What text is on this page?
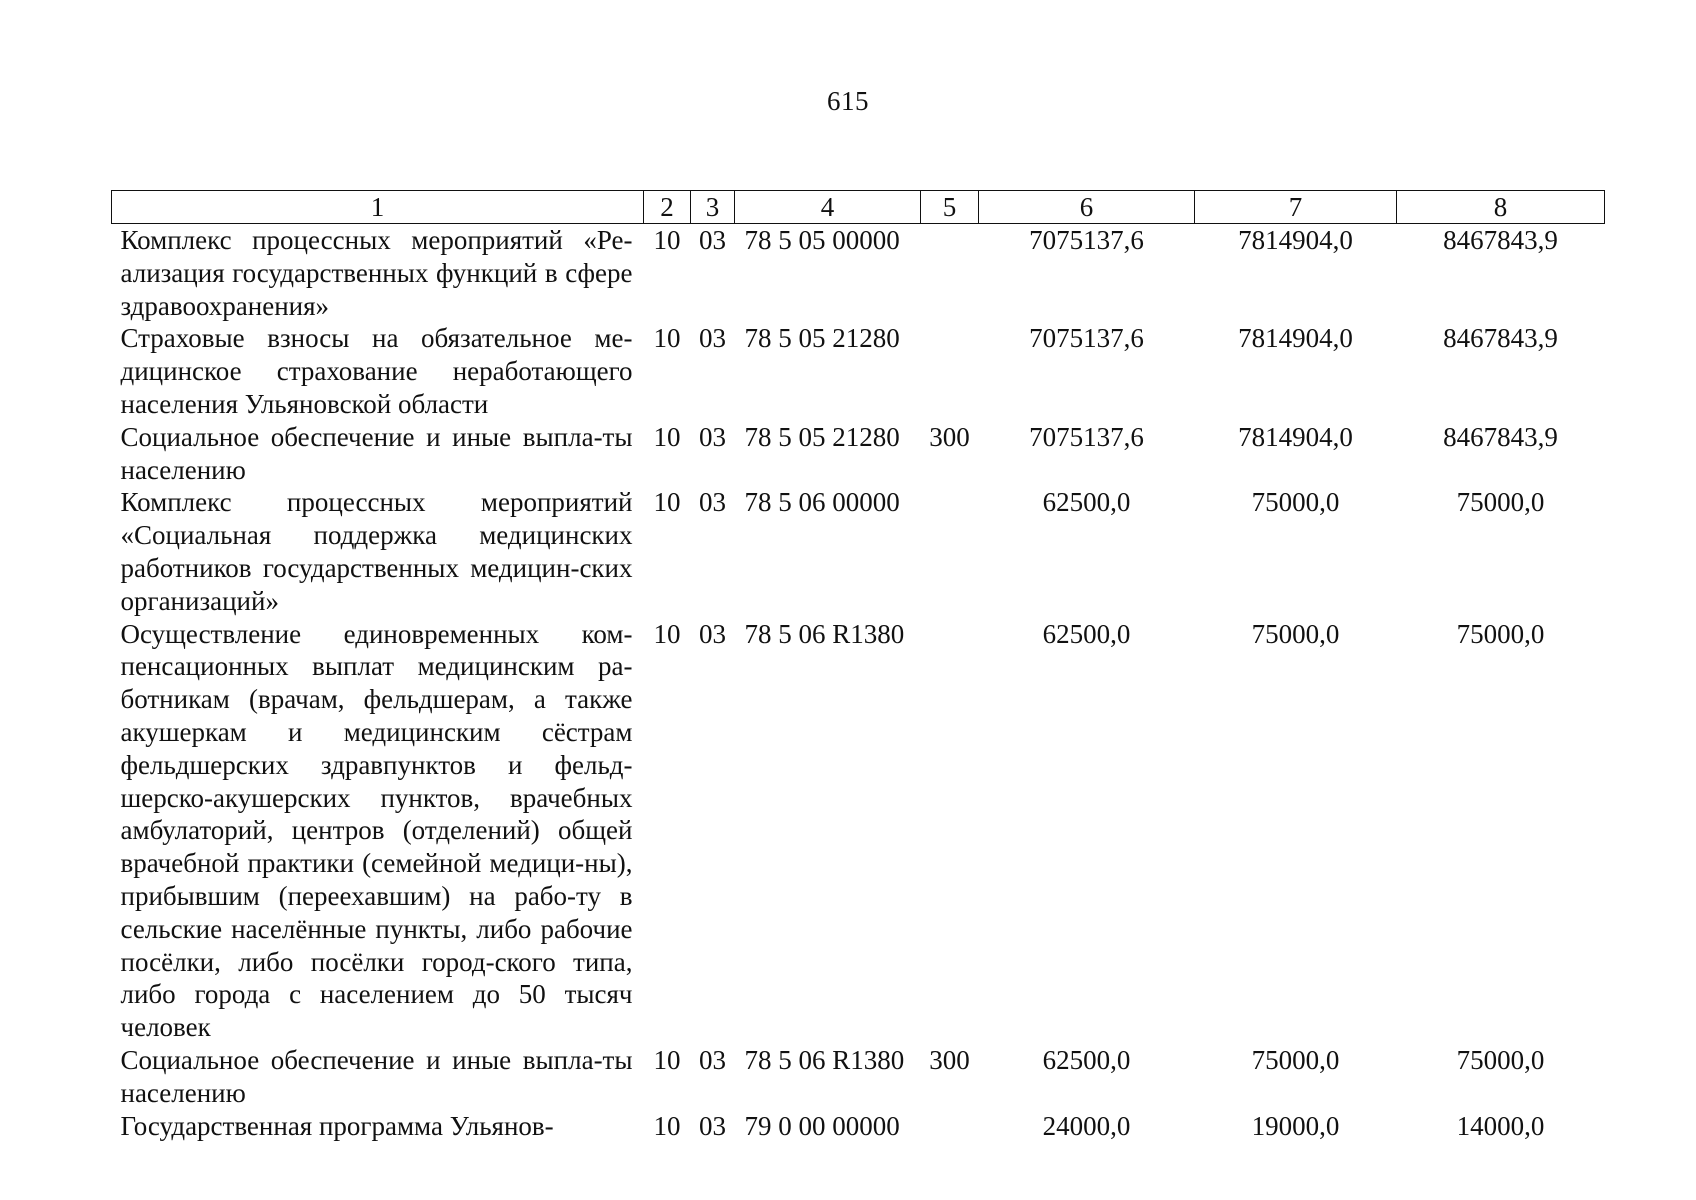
615
1	2	3	4	5	6	7	8
Комплекс процессных мероприятий «Ре-ализация государственных функций в сфере здравоохранения»	10	03	78 5 05 00000		7075137,6	7814904,0	8467843,9
Страховые взносы на обязательное ме-дицинское страхование неработающего населения Ульяновской области	10	03	78 5 05 21280		7075137,6	7814904,0	8467843,9
Социальное обеспечение и иные выпла-ты населению	10	03	78 5 05 21280	300	7075137,6	7814904,0	8467843,9
Комплекс процессных мероприятий «Социальная поддержка медицинских работников государственных медицин-ских организаций»	10	03	78 5 06 00000		62500,0	75000,0	75000,0
Осуществление единовременных ком-пенсационных выплат медицинским ра-ботникам (врачам, фельдшерам, а также акушеркам и медицинским сёстрам фельдшерских здравпунктов и фельд-шерско-акушерских пунктов, врачебных амбулаторий, центров (отделений) общей врачебной практики (семейной медици-ны), прибывшим (переехавшим) на рабо-ту в сельские населённые пункты, либо рабочие посёлки, либо посёлки город-ского типа, либо города с населением до 50 тысяч человек	10	03	78 5 06 R1380		62500,0	75000,0	75000,0
Социальное обеспечение и иные выпла-ты населению	10	03	78 5 06 R1380	300	62500,0	75000,0	75000,0
Государственная программа Ульянов-	10	03	79 0 00 00000		24000,0	19000,0	14000,0
